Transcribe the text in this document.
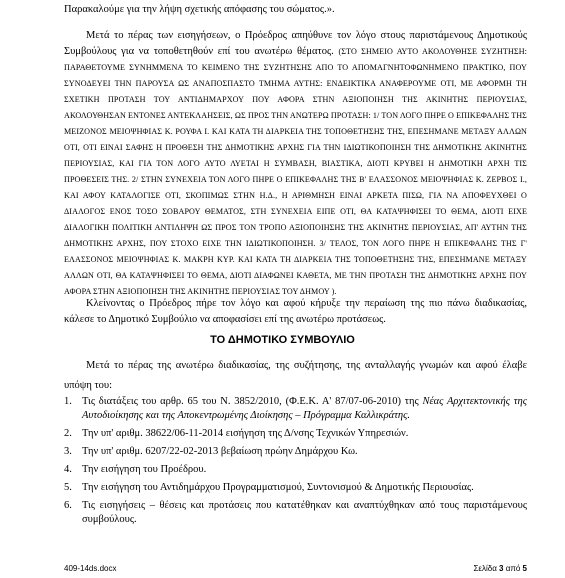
Παρακαλούμε για την λήψη σχετικής απόφασης του σώματος.».
Μετά το πέρας των εισηγήσεων, ο Πρόεδρος απηύθυνε τον λόγο στους παριστάμενους Δημοτικούς Συμβούλους για να τοποθετηθούν επί του ανωτέρω θέματος. (ΣΤΟ ΣΗΜΕΙΟ ΑΥΤΟ ΑΚΟΛΟΥΘΗΣΕ ΣΥΖΗΤΗΣΗ: ΠΑΡΑΘΕΤΟΥΜΕ ΣΥΝΗΜΜΕΝΑ ΤΟ ΚΕΙΜΕΝΟ ΤΗΣ ΣΥΖΗΤΗΣΗΣ ΑΠΟ ΤΟ ΑΠΟΜΑΓΝΗΤΟΦΩΝΗΜΕΝΟ ΠΡΑΚΤΙΚΟ, ΠΟΥ ΣΥΝΟΔΕΥΕΙ ΤΗΝ ΠΑΡΟΥΣΑ ΩΣ ΑΝΑΠΟΣΠΑΣΤΟ ΤΜΗΜΑ ΑΥΤΗΣ: ΕΝΔΕΙΚΤΙΚΑ ΑΝΑΦΕΡΟΥΜΕ ΟΤΙ, ΜΕ ΑΦΟΡΜΗ ΤΗ ΣΧΕΤΙΚΗ ΠΡΟΤΑΣΗ ΤΟΥ ΑΝΤΙΔΗΜΑΡΧΟΥ ΠΟΥ ΑΦΟΡΑ ΣΤΗΝ ΑΞΙΟΠΟΙΗΣΗ ΤΗΣ ΑΚΙΝΗΤΗΣ ΠΕΡΙΟΥΣΙΑΣ, ΑΚΟΛΟΥΘΗΣΑΝ ΕΝΤΟΝΕΣ ΑΝΤΕΚΛΑΗΣΕΙΣ, ΩΣ ΠΡΟΣ ΤΗΝ ΑΝΩΤΕΡΩ ΠΡΟΤΑΣΗ: 1/ ΤΟΝ ΛΟΓΟ ΠΗΡΕ Ο ΕΠΙΚΕΦΑΛΗΣ ΤΗΣ ΜΕΙΖΟΝΟΣ ΜΕΙΟΨΗΦΙΑΣ Κ. ΡΟΥΦΑ Ι. ΚΑΙ ΚΑΤΑ ΤΗ ΔΙΑΡΚΕΙΑ ΤΗΣ ΤΟΠΟΘΕΤΗΣΗΣ ΤΗΣ, ΕΠΕΣΗΜΑΝΕ ΜΕΤΑΞΥ ΑΛΛΩΝ ΟΤΙ, ΟΤΙ ΕΙΝΑΙ ΣΑΦΗΣ Η ΠΡΟΘΕΣΗ ΤΗΣ ΔΗΜΟΤΙΚΗΣ ΑΡΧΗΣ ΓΙΑ ΤΗΝ ΙΔΙΩΤΙΚΟΠΟΙΗΣΗ ΤΗΣ ΔΗΜΟΤΙΚΗΣ ΑΚΙΝΗΤΗΣ ΠΕΡΙΟΥΣΙΑΣ, ΚΑΙ ΓΙΑ ΤΟΝ ΛΟΓΟ ΑΥΤΟ ΛΥΕΤΑΙ Η ΣΥΜΒΑΣΗ, ΒΙΑΣΤΙΚΑ, ΔΙΟΤΙ ΚΡΥΒΕΙ Η ΔΗΜΟΤΙΚΗ ΑΡΧΗ ΤΙΣ ΠΡΟΘΕΣΕΙΣ ΤΗΣ. 2/ ΣΤΗΝ ΣΥΝΕΧΕΙΑ ΤΟΝ ΛΟΓΟ ΠΗΡΕ Ο ΕΠΙΚΕΦΑΛΗΣ ΤΗΣ Β' ΕΛΑΣΣΟΝΟΣ ΜΕΙΟΨΗΦΙΑΣ Κ. ΖΕΡΒΟΣ Ι., ΚΑΙ ΑΦΟΥ ΚΑΤΑΛΟΓΙΣΕ ΟΤΙ, ΣΚΟΠΙΜΩΣ ΣΤΗΝ Η.Δ., Η ΑΡΙΘΜΗΣΗ ΕΙΝΑΙ ΑΡΚΕΤΑ ΠΙΣΩ, ΓΙΑ ΝΑ ΑΠΟΦΕΥΧΘΕΙ Ο ΔΙΑΛΟΓΟΣ ΕΝΟΣ ΤΟΣΟ ΣΟΒΑΡΟΥ ΘΕΜΑΤΟΣ, ΣΤΗ ΣΥΝΕΧΕΙΑ ΕΙΠΕ ΟΤΙ, ΘΑ ΚΑΤΑΨΗΦΙΣΕΙ ΤΟ ΘΕΜΑ, ΔΙΟΤΙ ΕΙΧΕ ΔΙΑΛΟΓΙΚΗ ΠΟΛΙΤΙΚΗ ΑΝΤΙΛΗΨΗ ΩΣ ΠΡΟΣ ΤΟΝ ΤΡΟΠΟ ΑΞΙΟΠΟΙΗΣΗΣ ΤΗΣ ΑΚΙΝΗΤΗΣ ΠΕΡΙΟΥΣΙΑΣ, ΑΠ' ΑΥΤΗΝ ΤΗΣ ΔΗΜΟΤΙΚΗΣ ΑΡΧΗΣ, ΠΟΥ ΣΤΟΧΟ ΕΙΧΕ ΤΗΝ ΙΔΙΩΤΙΚΟΠΟΙΗΣΗ. 3/ ΤΕΛΟΣ, ΤΟΝ ΛΟΓΟ ΠΗΡΕ Η ΕΠΙΚΕΦΑΛΗΣ ΤΗΣ Γ' ΕΛΑΣΣΟΝΟΣ ΜΕΙΟΨΗΦΙΑΣ Κ. ΜΑΚΡΗ ΚΥΡ. ΚΑΙ ΚΑΤΑ ΤΗ ΔΙΑΡΚΕΙΑ ΤΗΣ ΤΟΠΟΘΕΤΗΣΗΣ ΤΗΣ, ΕΠΕΣΗΜΑΝΕ ΜΕΤΑΞΥ ΑΛΛΩΝ ΟΤΙ, ΘΑ ΚΑΤΑΨΗΦΙΣΕΙ ΤΟ ΘΕΜΑ, ΔΙΟΤΙ ΔΙΑΦΩΝΕΙ ΚΑΘΕΤΑ, ΜΕ ΤΗΝ ΠΡΟΤΑΣΗ ΤΗΣ ΔΗΜΟΤΙΚΗΣ ΑΡΧΗΣ ΠΟΥ ΑΦΟΡΑ ΣΤΗΝ ΑΞΙΟΠΟΙΗΣΗ ΤΗΣ ΑΚΙΝΗΤΗΣ ΠΕΡΙΟΥΣΙΑΣ ΤΟΥ ΔΗΜΟΥ ).
Κλείνοντας ο Πρόεδρος πήρε τον λόγο και αφού κήρυξε την περαίωση της πιο πάνω διαδικασίας, κάλεσε το Δημοτικό Συμβούλιο να αποφασίσει επί της ανωτέρω προτάσεως.
ΤΟ ΔΗΜΟΤΙΚΟ ΣΥΜΒΟΥΛΙΟ
Μετά το πέρας της ανωτέρω διαδικασίας, της συζήτησης, της ανταλλαγής γνωμών και αφού έλαβε υπόψη του:
1. Τις διατάξεις του αρθρ. 65 του Ν. 3852/2010, (Φ.Ε.Κ. Α' 87/07-06-2010) της Νέας Αρχιτεκτονικής της Αυτοδιοίκησης και της Αποκεντρωμένης Διοίκησης – Πρόγραμμα Καλλικράτης.
2. Την υπ' αριθμ. 38622/06-11-2014 εισήγηση της Δ/νσης Τεχνικών Υπηρεσιών.
3. Την υπ' αριθμ. 6207/22-02-2013 βεβαίωση πρώην Δημάρχου Κω.
4. Την εισήγηση του Προέδρου.
5. Την εισήγηση του Αντιδημάρχου Προγραμματισμού, Συντονισμού & Δημοτικής Περιουσίας.
6. Τις εισηγήσεις – θέσεις και προτάσεις που κατατέθηκαν και αναπτύχθηκαν από τους παριστάμενους συμβούλους.
409-14ds.docx	Σελίδα 3 από 5
